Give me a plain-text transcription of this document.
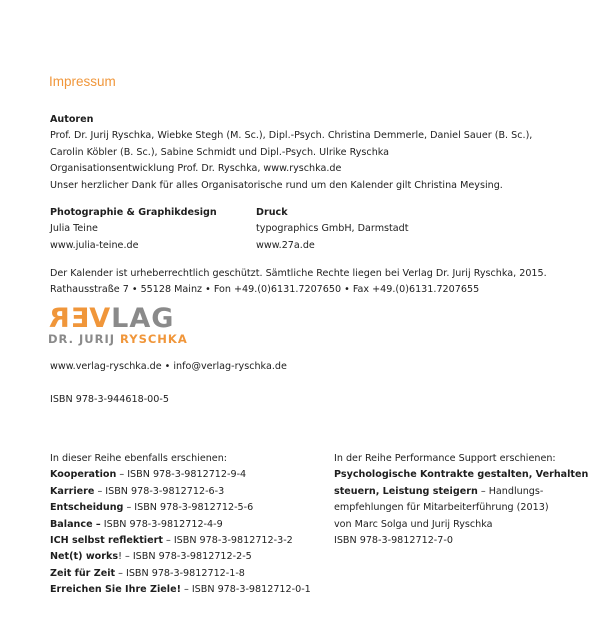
Impressum
Autoren
Prof. Dr. Jurij Ryschka, Wiebke Stegh (M. Sc.), Dipl.-Psych. Christina Demmerle, Daniel Sauer (B. Sc.),
Carolin Köbler (B. Sc.), Sabine Schmidt und Dipl.-Psych. Ulrike Ryschka
Organisationsentwicklung Prof. Dr. Ryschka, www.ryschka.de
Unser herzlicher Dank für alles Organisatorische rund um den Kalender gilt Christina Meysing.
Photographie & Graphikdesign
Julia Teine
www.julia-teine.de
Druck
typographics GmbH, Darmstadt
www.27a.de
Der Kalender ist urheberrechtlich geschützt. Sämtliche Rechte liegen bei Verlag Dr. Jurij Ryschka, 2015.
Rathausstraße 7 • 55128 Mainz • Fon +49.(0)6131.7207650 • Fax +49.(0)6131.7207655
R E V LAG
DR. JURIJ RYSCHKA
www.verlag-ryschka.de • info@verlag-ryschka.de
ISBN 978-3-944618-00-5
In dieser Reihe ebenfalls erschienen:
Kooperation – ISBN 978-3-9812712-9-4
Karriere – ISBN 978-3-9812712-6-3
Entscheidung – ISBN 978-3-9812712-5-6
Balance – ISBN 978-3-9812712-4-9
ICH selbst reflektiert – ISBN 978-3-9812712-3-2
Net(t) works! – ISBN 978-3-9812712-2-5
Zeit für Zeit – ISBN 978-3-9812712-1-8
Erreichen Sie Ihre Ziele! – ISBN 978-3-9812712-0-1
In der Reihe Performance Support erschienen:
Psychologische Kontrakte gestalten, Verhalten
steuern, Leistung steigern – Handlungs-
empfehlungen für Mitarbeiterführung (2013)
von Marc Solga und Jurij Ryschka
ISBN 978-3-9812712-7-0
